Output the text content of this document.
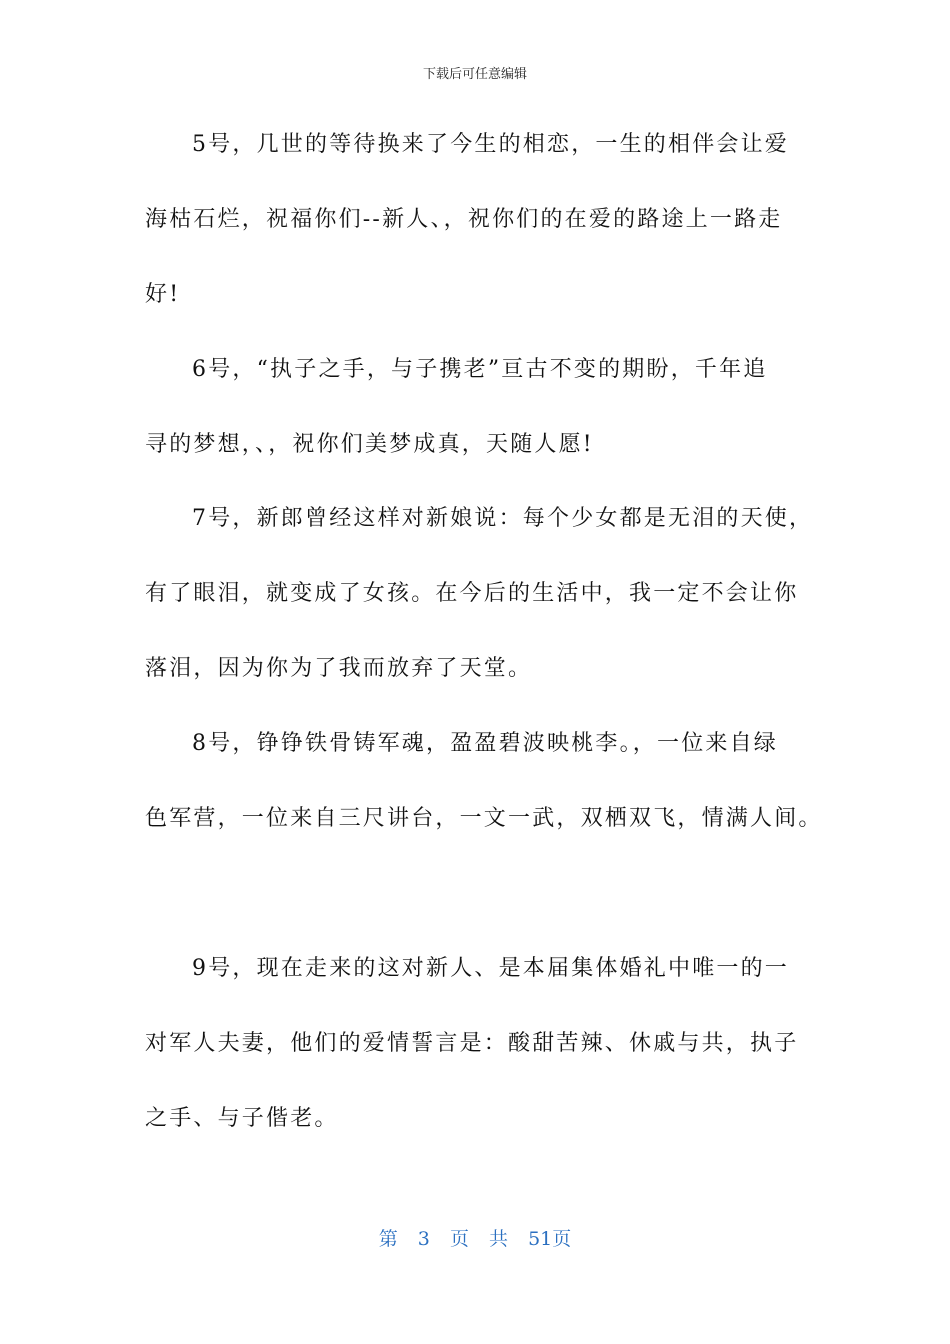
下载后可任意编辑
5号，几世的等待换来了今生的相恋，一生的相伴会让爱
海枯石烂，祝福你们--新人、，祝你们的在爱的路途上一路走
好!
6号，“执子之手，与子携老”亘古不变的期盼，千年追
寻的梦想，、，祝你们美梦成真，天随人愿!
7号，新郎曾经这样对新娘说：每个少女都是无泪的天使，
有了眼泪，就变成了女孩。在今后的生活中，我一定不会让你
落泪，因为你为了我而放弃了天堂。
8号，铮铮铁骨铸军魂，盈盈碧波映桃李。，一位来自绿
色军营，一位来自三尺讲台，一文一武，双栖双飞，情满人间。
9号，现在走来的这对新人、是本届集体婚礼中唯一的一
对军人夫妻，他们的爱情誓言是：酸甜苦辣、休戚与共，执子
之手、与子偕老。
第 3 页 共 51页
